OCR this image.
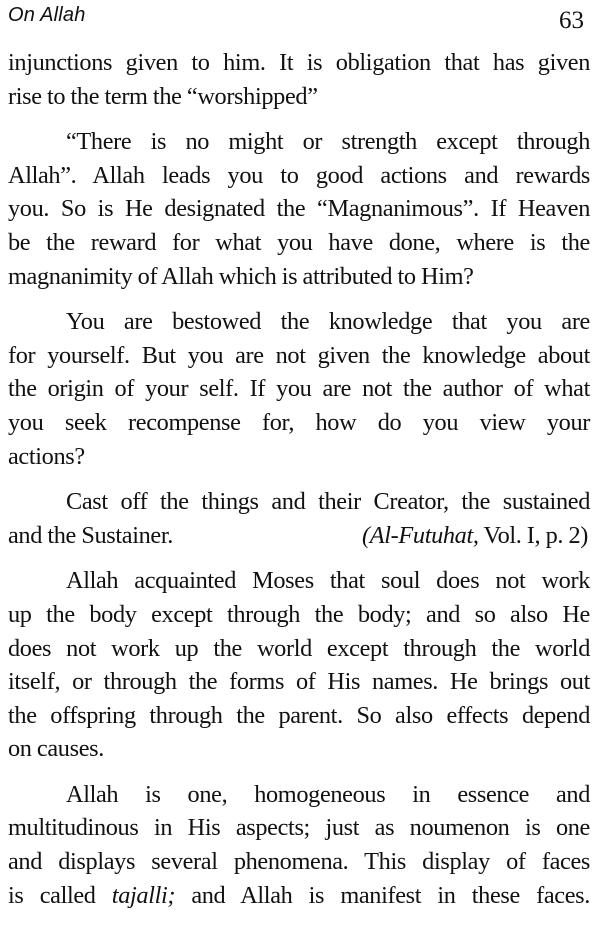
On Allah	63

injunctions given to him. It is obligation that has given
rise to the term the “worshipped”

“There is no might or strength except through
Allah”. Allah leads you to good actions and rewards
you. So is He designated the “Magnanimous”. If Heaven
be the reward for what you have done, where is the
magnanimity of Allah which is attributed to Him?

You are bestowed the knowledge that you are
for yourself. But you are not given the knowledge about
the origin of your self. If you are not the author of what
you seek recompense for, how do you view your
actions?

Cast off the things and their Creator, the sustained
and the Sustainer.	(Al-Futuhat, Vol. I, p. 2)

Allah acquainted Moses that soul does not work
up the body except through the body; and so also He
does not work up the world except through the world
itself, or through the forms of His names. He brings out
the offspring through the parent. So also effects depend
on causes.

Allah is one, homogeneous in essence and
multitudinous in His aspects; just as noumenon is one
and displays several phenomena. This display of faces
is called tajalli; and Allah is manifest in these faces.
